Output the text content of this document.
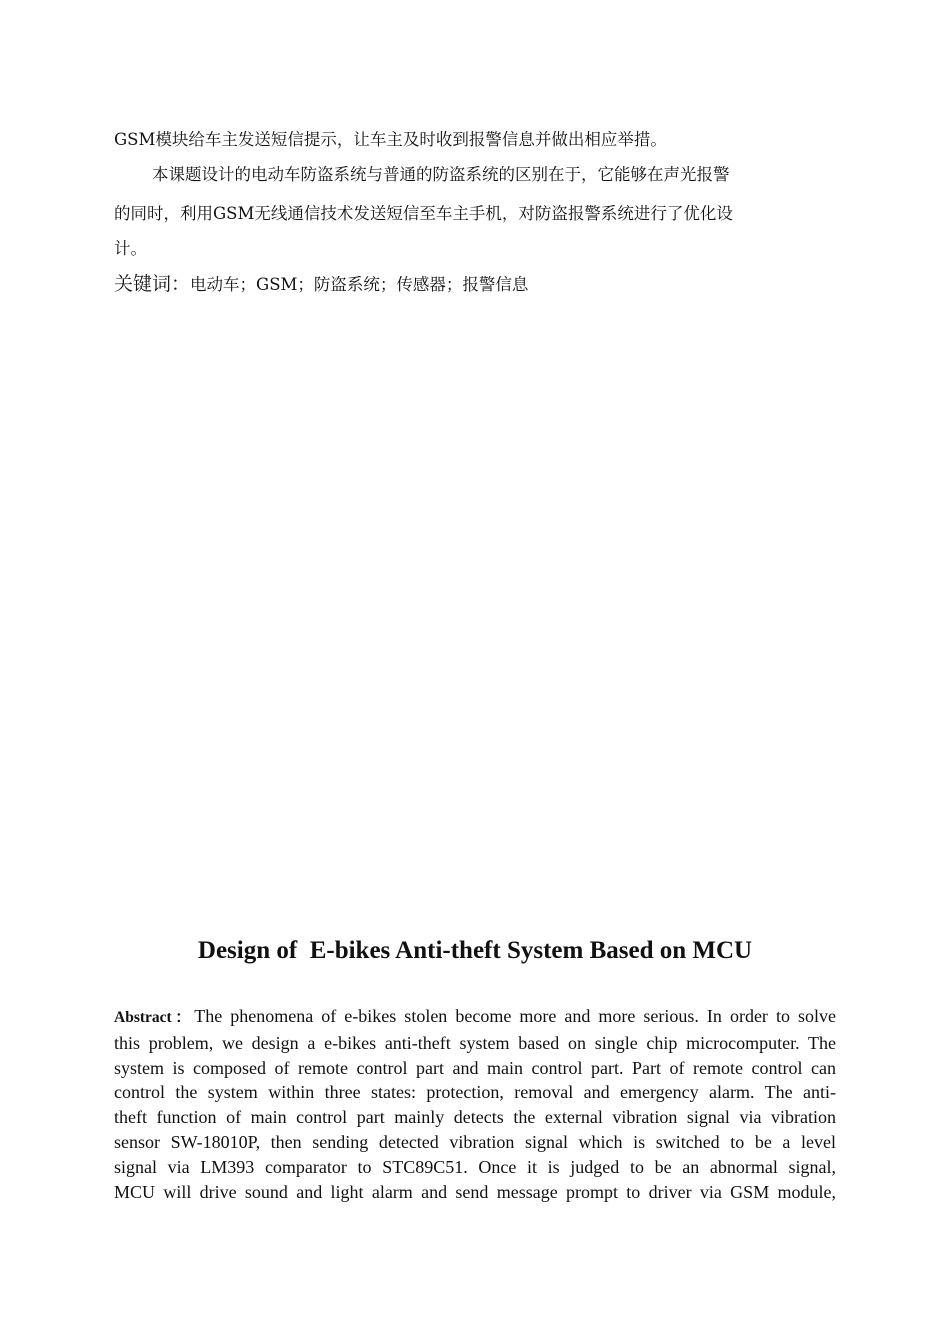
GSM模块给车主发送短信提示，让车主及时收到报警信息并做出相应举措。

本课题设计的电动车防盗系统与普通的防盗系统的区别在于，它能够在声光报警

的同时，利用GSM无线通信技术发送短信至车主手机，对防盗报警系统进行了优化设

计。

关键词：电动车；GSM；防盗系统；传感器；报警信息
Design of  E-bikes Anti-theft System Based on MCU
Abstract：The phenomena of e-bikes stolen become more and more serious. In order to solve
this problem, we design a e-bikes anti-theft system based on single chip microcomputer. The
system is composed of remote control part and main control part. Part of remote control can
control the system within three states: protection, removal and emergency alarm. The anti-
theft function of main control part mainly detects the external vibration signal via vibration
sensor SW-18010P, then sending detected vibration signal which is switched to be a level
signal via LM393 comparator to STC89C51. Once it is judged to be an abnormal signal,
MCU will drive sound and light alarm and send message prompt to driver via GSM module,
